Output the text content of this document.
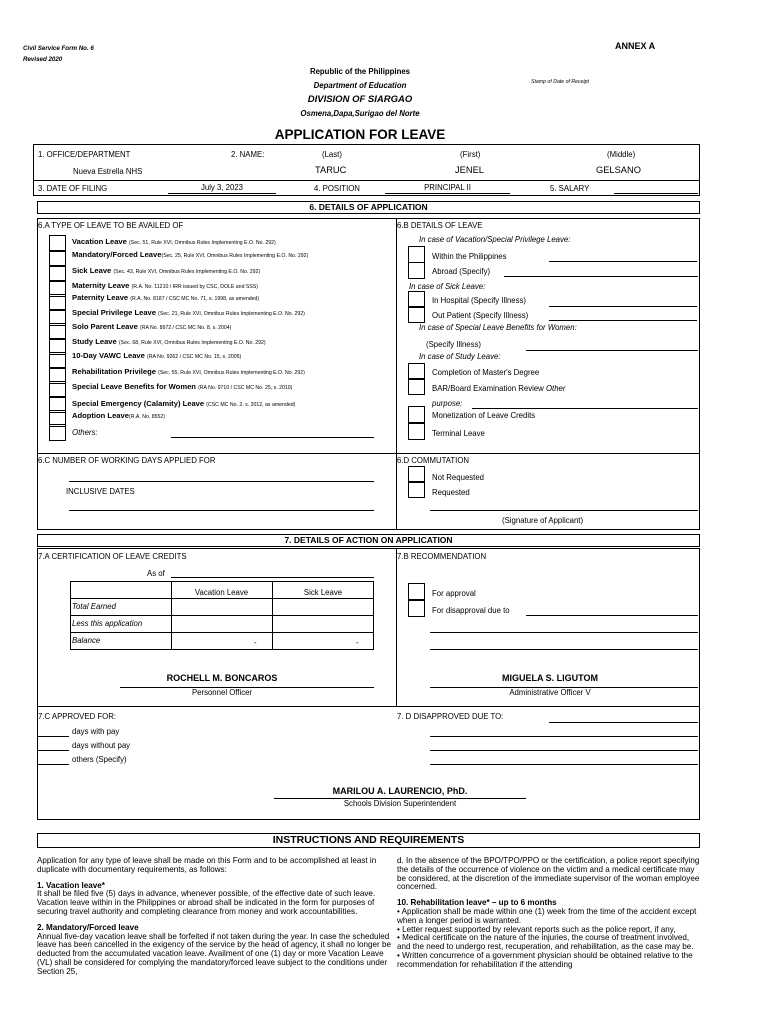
Civil Service Form No. 6
Revised 2020
ANNEX A
Republic of the Philippines
Department of Education
DIVISION OF SIARGAO
Osmena,Dapa,Surigao del Norte
Stamp of Date of Receipt
APPLICATION FOR LEAVE
1. OFFICE/DEPARTMENT
Nueva Estrella NHS
2. NAME:	(Last)	(First)	(Middle)
TARUC	JENEL	GELSANO
3. DATE OF FILING	July 3, 2023	4. POSITION	PRINCIPAL II	5. SALARY
6. DETAILS OF APPLICATION
6.A TYPE OF LEAVE TO BE AVAILED OF
Vacation Leave (Sec. 51, Rule XVI, Omnibus Rules Implementing E.O. No. 292)
Mandatory/Forced Leave(Sec. 25, Rule XVI, Omnibus Rules Implementing E.O. No. 292)
Sick Leave (Sec. 43, Rule XVI, Omnibus Rules Implementing E.O. No. 292)
Maternity Leave (R.A. No. 11210 / IRR issued by CSC, DOLE and SSS)
Paternity Leave (R.A. No. 8187 / CSC MC No. 71, s. 1998, as amended)
Special Privilege Leave (Sec. 21, Rule XVI, Omnibus Rules Implementing E.O. No. 292)
Solo Parent Leave (RA No. 8972 / CSC MC No. 8, s. 2004)
Study Leave (Sec. 68, Rule XVI, Omnibus Rules Implementing E.O. No. 292)
10-Day VAWC Leave (RA No. 9262 / CSC MC No. 15, s. 2005)
Rehabilitation Privilege (Sec. 55, Rule XVI, Omnibus Rules Implementing E.O. No. 292)
Special Leave Benefits for Women (RA No. 9710 / CSC MC No. 25, s. 2010)
Special Emergency (Calamity) Leave (CSC MC No. 2, s. 2012, as amended)
Adoption Leave(R.A. No. 8552)
Others:
6.B DETAILS OF LEAVE
In case of Vacation/Special Privilege Leave:
Within the Philippines
Abroad (Specify)
In case of Sick Leave:
In Hospital (Specify Illness)
Out Patient (Specify Illness)
In case of Special Leave Benefits for Women:
(Specify Illness)
In case of Study Leave:
Completion of Master's Degree
BAR/Board Examination Review Other
purpose:
Monetization of Leave Credits
Terminal Leave
6.C NUMBER OF WORKING DAYS APPLIED FOR
INCLUSIVE DATES
6.D COMMUTATION
Not Requested
Requested
(Signature of Applicant)
7. DETAILS OF ACTION ON APPLICATION
7.A CERTIFICATION OF LEAVE CREDITS
As of
Vacation Leave	Sick Leave
Total Earned
Less this application
Balance	-	-
ROCHELL M. BONCAROS
Personnel Officer
7.B RECOMMENDATION
For approval
For disapproval due to
MIGUELA S. LIGUTOM
Administrative Officer V
7.C APPROVED FOR:
days with pay
days without pay
others (Specify)
7. D DISAPPROVED DUE TO:
MARILOU A. LAURENCIO, PhD.
Schools Division Superintendent
INSTRUCTIONS AND REQUIREMENTS
Application for any type of leave shall be made on this Form and to be accomplished at least in duplicate with documentary requirements, as follows:
1. Vacation leave*
It shall be filed five (5) days in advance, whenever possible, of the effective date of such leave. Vacation leave within in the Philippines or abroad shall be indicated in the form for purposes of securing travel authority and completing clearance from money and work accountabilities.
2. Mandatory/Forced leave
Annual five-day vacation leave shall be forfeited if not taken during the year. In case the scheduled leave has been cancelled in the exigency of the service by the head of agency, it shall no longer be deducted from the accumulated vacation leave. Availment of one (1) day or more Vacation Leave (VL) shall be considered for complying the mandatory/forced leave subject to the conditions under Section 25,
d. In the absence of the BPO/TPO/PPO or the certification, a police report specifying the details of the occurrence of violence on the victim and a medical certificate may be considered, at the discretion of the immediate supervisor of the woman employee concerned.
10. Rehabilitation leave* – up to 6 months
• Application shall be made within one (1) week from the time of the accident except when a longer period is warranted.
• Letter request supported by relevant reports such as the police report, if any,
• Medical certificate on the nature of the injuries, the course of treatment involved, and the need to undergo rest, recuperation, and rehabilitation, as the case may be.
• Written concurrence of a government physician should be obtained relative to the recommendation for rehabilitation if the attending
